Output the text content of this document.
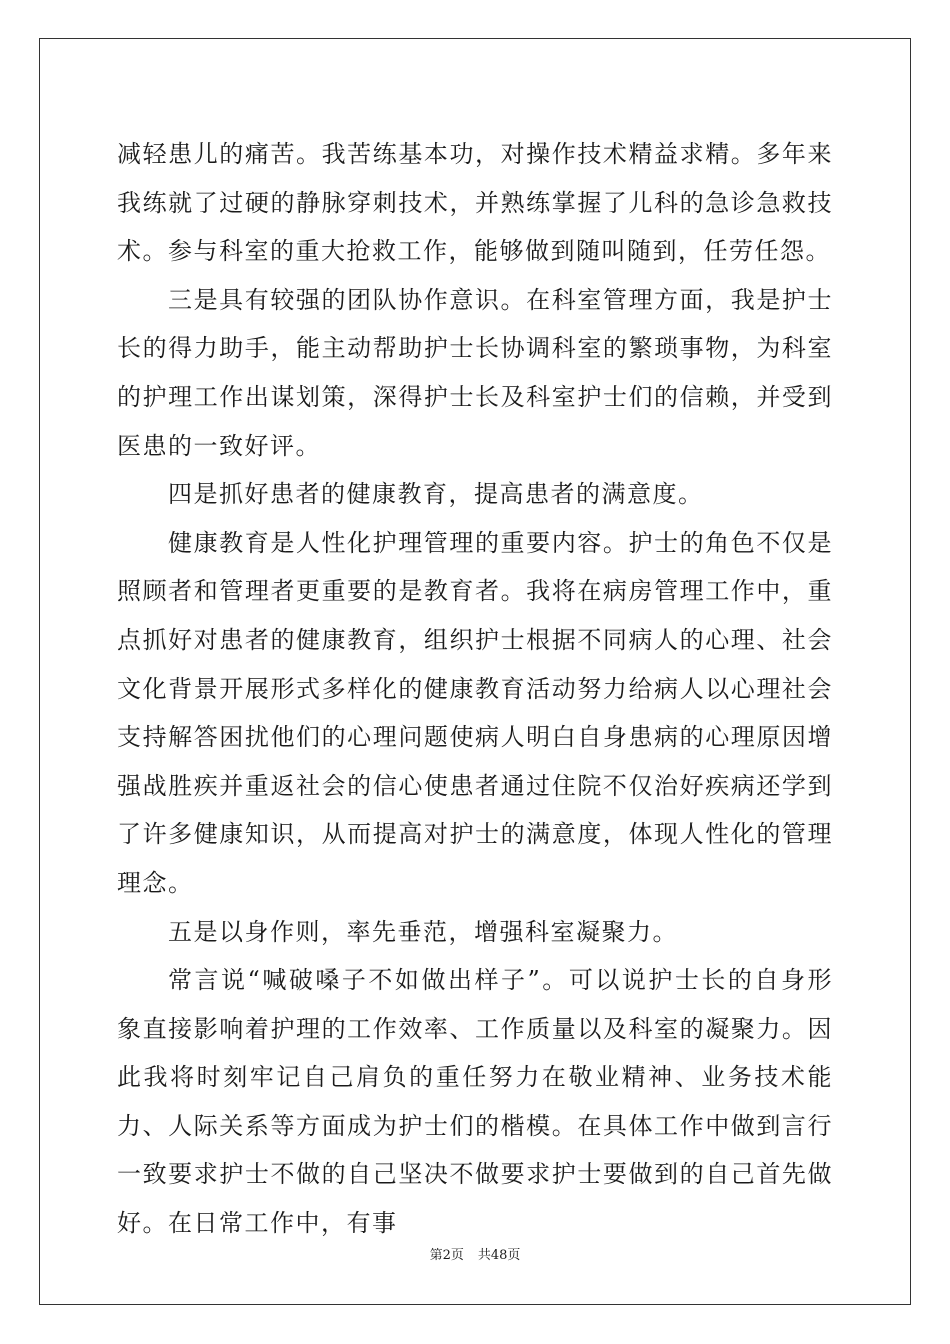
减轻患儿的痛苦。我苦练基本功，对操作技术精益求精。多年来我练就了过硬的静脉穿刺技术，并熟练掌握了儿科的急诊急救技术。参与科室的重大抢救工作，能够做到随叫随到，任劳任怨。

三是具有较强的团队协作意识。在科室管理方面，我是护士长的得力助手，能主动帮助护士长协调科室的繁琐事物，为科室的护理工作出谋划策，深得护士长及科室护士们的信赖，并受到医患的一致好评。

四是抓好患者的健康教育，提高患者的满意度。

健康教育是人性化护理管理的重要内容。护士的角色不仅是照顾者和管理者更重要的是教育者。我将在病房管理工作中，重点抓好对患者的健康教育，组织护士根据不同病人的心理、社会文化背景开展形式多样化的健康教育活动努力给病人以心理社会支持解答困扰他们的心理问题使病人明白自身患病的心理原因增强战胜疾并重返社会的信心使患者通过住院不仅治好疾病还学到了许多健康知识，从而提高对护士的满意度，体现人性化的管理理念。

五是以身作则，率先垂范，增强科室凝聚力。

常言说“喊破嗓子不如做出样子”。可以说护士长的自身形象直接影响着护理的工作效率、工作质量以及科室的凝聚力。因此我将时刻牢记自己肩负的重任努力在敬业精神、业务技术能力、人际关系等方面成为护士们的楷模。在具体工作中做到言行一致要求护士不做的自己坚决不做要求护士要做到的自己首先做好。在日常工作中，有事

第2页 共48页
